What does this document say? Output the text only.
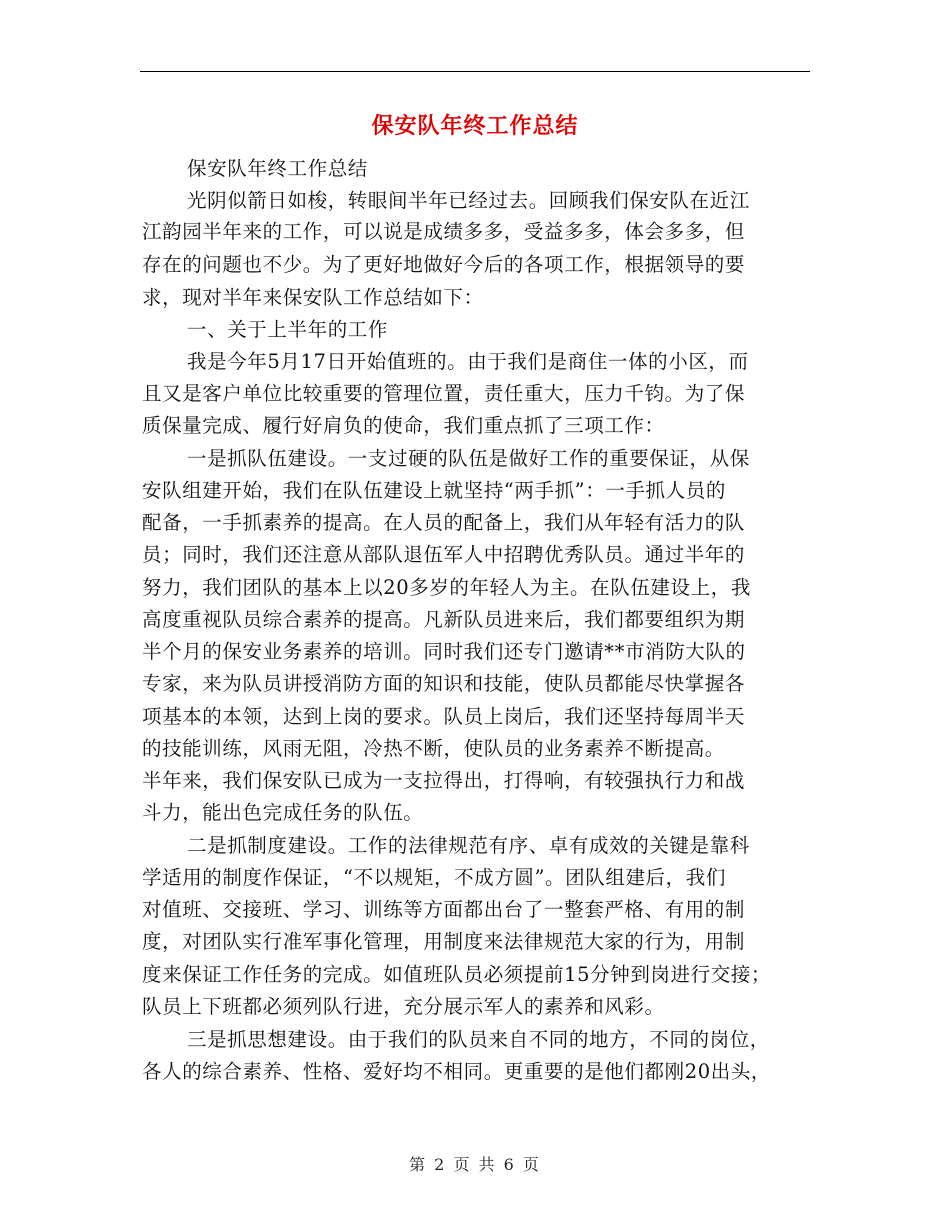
保安队年终工作总结
保安队年终工作总结
光阴似箭日如梭，转眼间半年已经过去。回顾我们保安队在近江
江韵园半年来的工作，可以说是成绩多多，受益多多，体会多多，但
存在的问题也不少。为了更好地做好今后的各项工作，根据领导的要
求，现对半年来保安队工作总结如下：
一、关于上半年的工作
我是今年5月17日开始值班的。由于我们是商住一体的小区，而
且又是客户单位比较重要的管理位置，责任重大，压力千钧。为了保
质保量完成、履行好肩负的使命，我们重点抓了三项工作：
一是抓队伍建设。一支过硬的队伍是做好工作的重要保证，从保
安队组建开始，我们在队伍建设上就坚持“两手抓”：一手抓人员的
配备，一手抓素养的提高。在人员的配备上，我们从年轻有活力的队
员；同时，我们还注意从部队退伍军人中招聘优秀队员。通过半年的
努力，我们团队的基本上以20多岁的年轻人为主。在队伍建设上，我
高度重视队员综合素养的提高。凡新队员进来后，我们都要组织为期
半个月的保安业务素养的培训。同时我们还专门邀请**市消防大队的
专家，来为队员讲授消防方面的知识和技能，使队员都能尽快掌握各
项基本的本领，达到上岗的要求。队员上岗后，我们还坚持每周半天
的技能训练，风雨无阻，冷热不断，使队员的业务素养不断提高。
半年来，我们保安队已成为一支拉得出，打得响，有较强执行力和战
斗力，能出色完成任务的队伍。
二是抓制度建设。工作的法律规范有序、卓有成效的关键是靠科
学适用的制度作保证，“不以规矩，不成方圆”。团队组建后，我们
对值班、交接班、学习、训练等方面都出台了一整套严格、有用的制
度，对团队实行准军事化管理，用制度来法律规范大家的行为，用制
度来保证工作任务的完成。如值班队员必须提前15分钟到岗进行交接；
队员上下班都必须列队行进，充分展示军人的素养和风彩。
三是抓思想建设。由于我们的队员来自不同的地方，不同的岗位，
各人的综合素养、性格、爱好均不相同。更重要的是他们都刚20出头，
第 2 页 共 6 页
